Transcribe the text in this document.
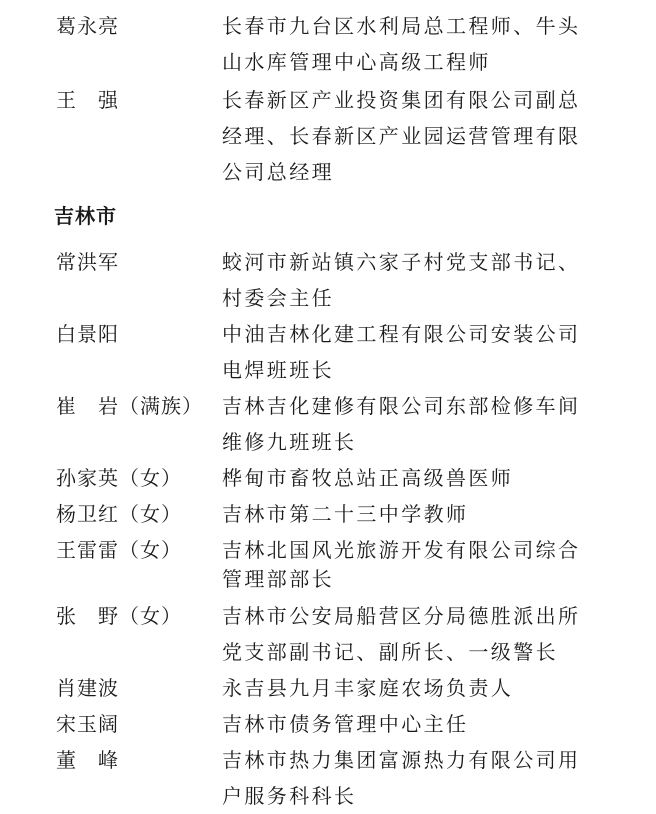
葛永亮	长春市九台区水利局总工程师、牛头
山水库管理中心高级工程师
王　强	长春新区产业投资集团有限公司副总
经理、长春新区产业园运营管理有限
公司总经理
吉林市
常洪军	蛟河市新站镇六家子村党支部书记、
村委会主任
白景阳	中油吉林化建工程有限公司安装公司
电焊班班长
崔　岩（满族） 吉林吉化建修有限公司东部检修车间
维修九班班长
孙家英（女） 桦甸市畜牧总站正高级兽医师
杨卫红（女） 吉林市第二十三中学教师
王雷雷（女） 吉林北国风光旅游开发有限公司综合
管理部部长
张　野（女） 吉林市公安局船营区分局德胜派出所
党支部副书记、副所长、一级警长
肖建波	永吉县九月丰家庭农场负责人
宋玉阔	吉林市债务管理中心主任
董　峰	吉林市热力集团富源热力有限公司用
户服务科科长
